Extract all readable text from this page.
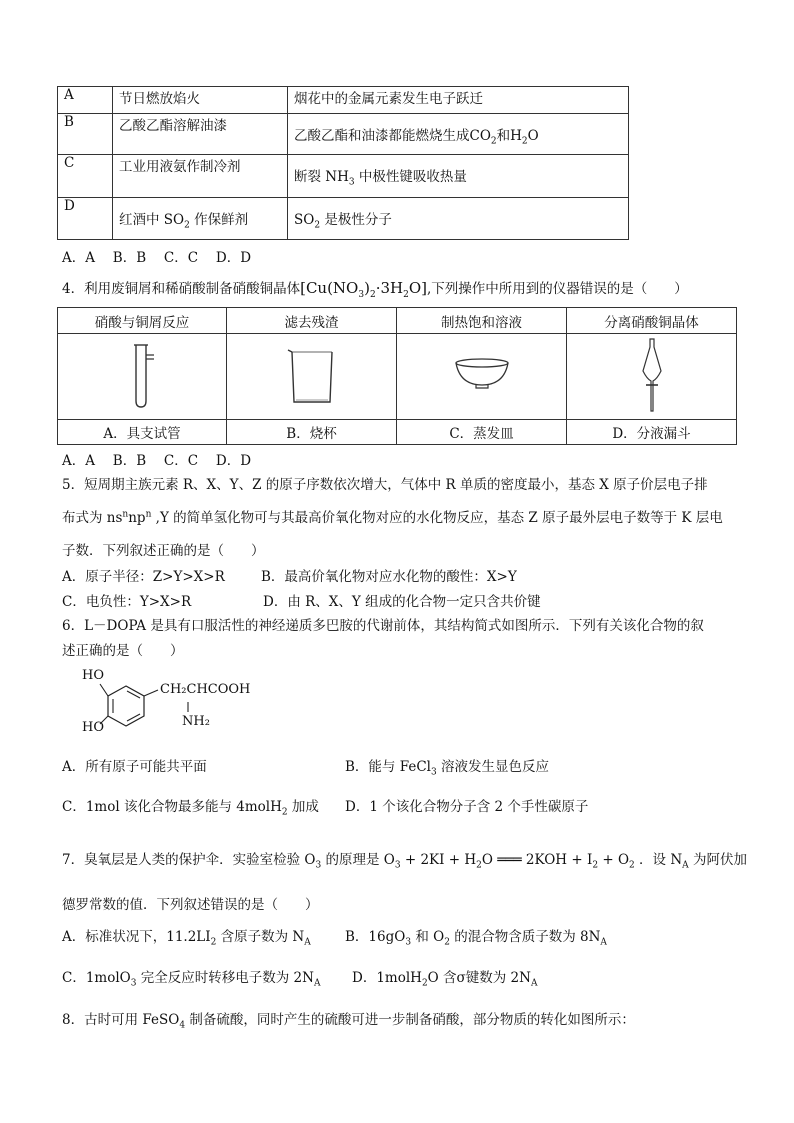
A	节日燃放焰火	烟花中的金属元素发生电子跃迁
B	乙酸乙酯溶解油漆	乙酸乙酯和油漆都能燃烧生成$CO_2$和$H_2O$
C	工业用液氨作制冷剂	断裂 $NH_3$ 中极性键吸收热量
D	红酒中 $SO_2$ 作保鲜剂	$SO_2$ 是极性分子
A．A　 B．B　 C．C　 D．D
4．利用废铜屑和稀硝酸制备硝酸铜晶体$[Cu(NO_3)_2\cdot 3H_2O]$,下列操作中所用到的仪器错误的是（　　）
硝酸与铜屑反应	滤去残渣	制热饱和溶液	分离硝酸铜晶体

A．具支试管	B．烧杯	C．蒸发皿	D．分液漏斗
A．A　 B．B　 C．C　 D．D
5．短周期主族元素 R、X、Y、Z 的原子序数依次增大，气体中 R 单质的密度最小，基态 X 原子价层电子排
布式为 $ns^nnp^n$ ,Y 的简单氢化物可与其最高价氧化物对应的水化物反应，基态 Z 原子最外层电子数等于 K 层电
子数．下列叙述正确的是（　　）
A．原子半径：Z>Y>X>R	B．最高价氧化物对应水化物的酸性：X>Y
C．电负性：Y>X>R	D．由 R、X、Y 组成的化合物一定只含共价键
6．L－DOPA 是具有口服活性的神经递质多巴胺的代谢前体，其结构简式如图所示．下列有关该化合物的叙
述正确的是（　　）
HO
HO
CH₂CHCOOH
NH₂
A．所有原子可能共平面	B．能与 FeCl$_3$ 溶液发生显色反应
C．1mol 该化合物最多能与 4molH$_2$ 加成 D．1 个该化合物分子含 2 个手性碳原子
7．臭氧层是人类的保护伞．实验室检验 $O_3$ 的原理是 $O_3 + 2KI + H_2O$ ═══ $2KOH + I_2 + O_2$ ．设 $N_A$ 为阿伏加
德罗常数的值．下列叙述错误的是（　　）
A．标准状况下，$11.2LI_2$ 含原子数为 $N_A$	B．$16gO_3$ 和 $O_2$ 的混合物含质子数为 $8N_A$
C．1molO$_3$ 完全反应时转移电子数为 $2N_A$ D．1molH$_2$O 含σ键数为 $2N_A$
8．古时可用 FeSO$_4$ 制备硫酸，同时产生的硫酸可进一步制备硝酸，部分物质的转化如图所示：
